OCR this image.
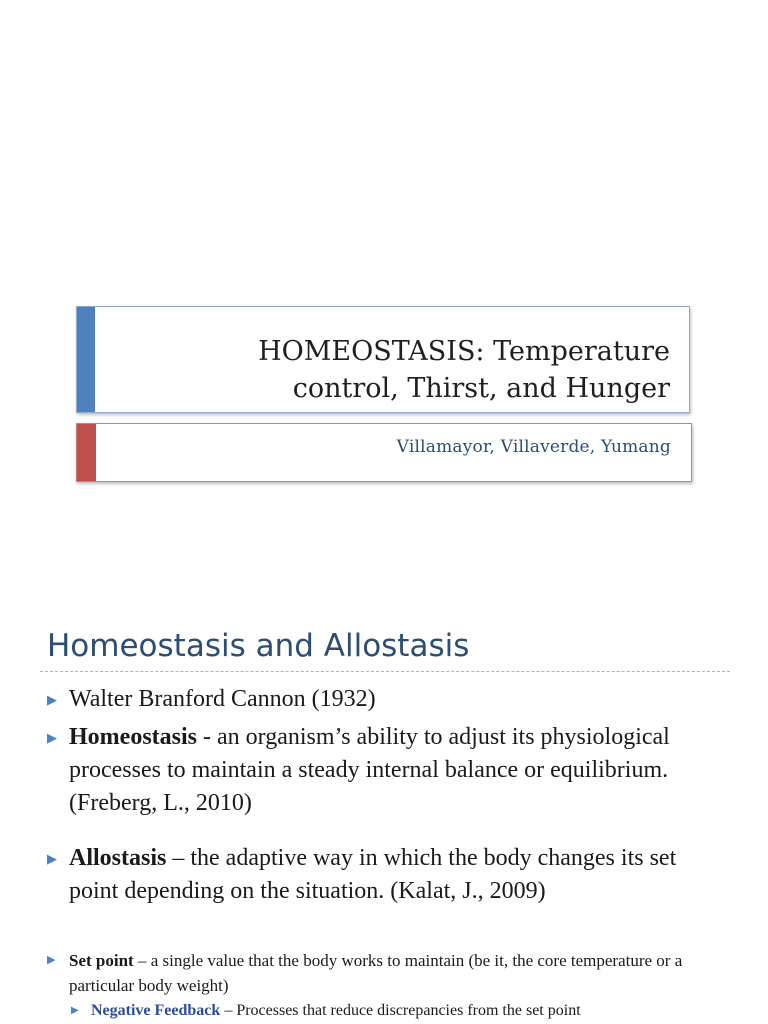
HOMEOSTASIS: Temperature
control, Thirst, and Hunger
Villamayor, Villaverde, Yumang
Homeostasis and Allostasis
▶ Walter Branford Cannon (1932)
▶ Homeostasis - an organism’s ability to adjust its physiological processes to maintain a steady internal balance or equilibrium. (Freberg, L., 2010)
▶ Allostasis – the adaptive way in which the body changes its set point depending on the situation. (Kalat, J., 2009)
▶ Set point – a single value that the body works to maintain (be it, the core temperature or a particular body weight)
▶ Negative Feedback – Processes that reduce discrepancies from the set point
